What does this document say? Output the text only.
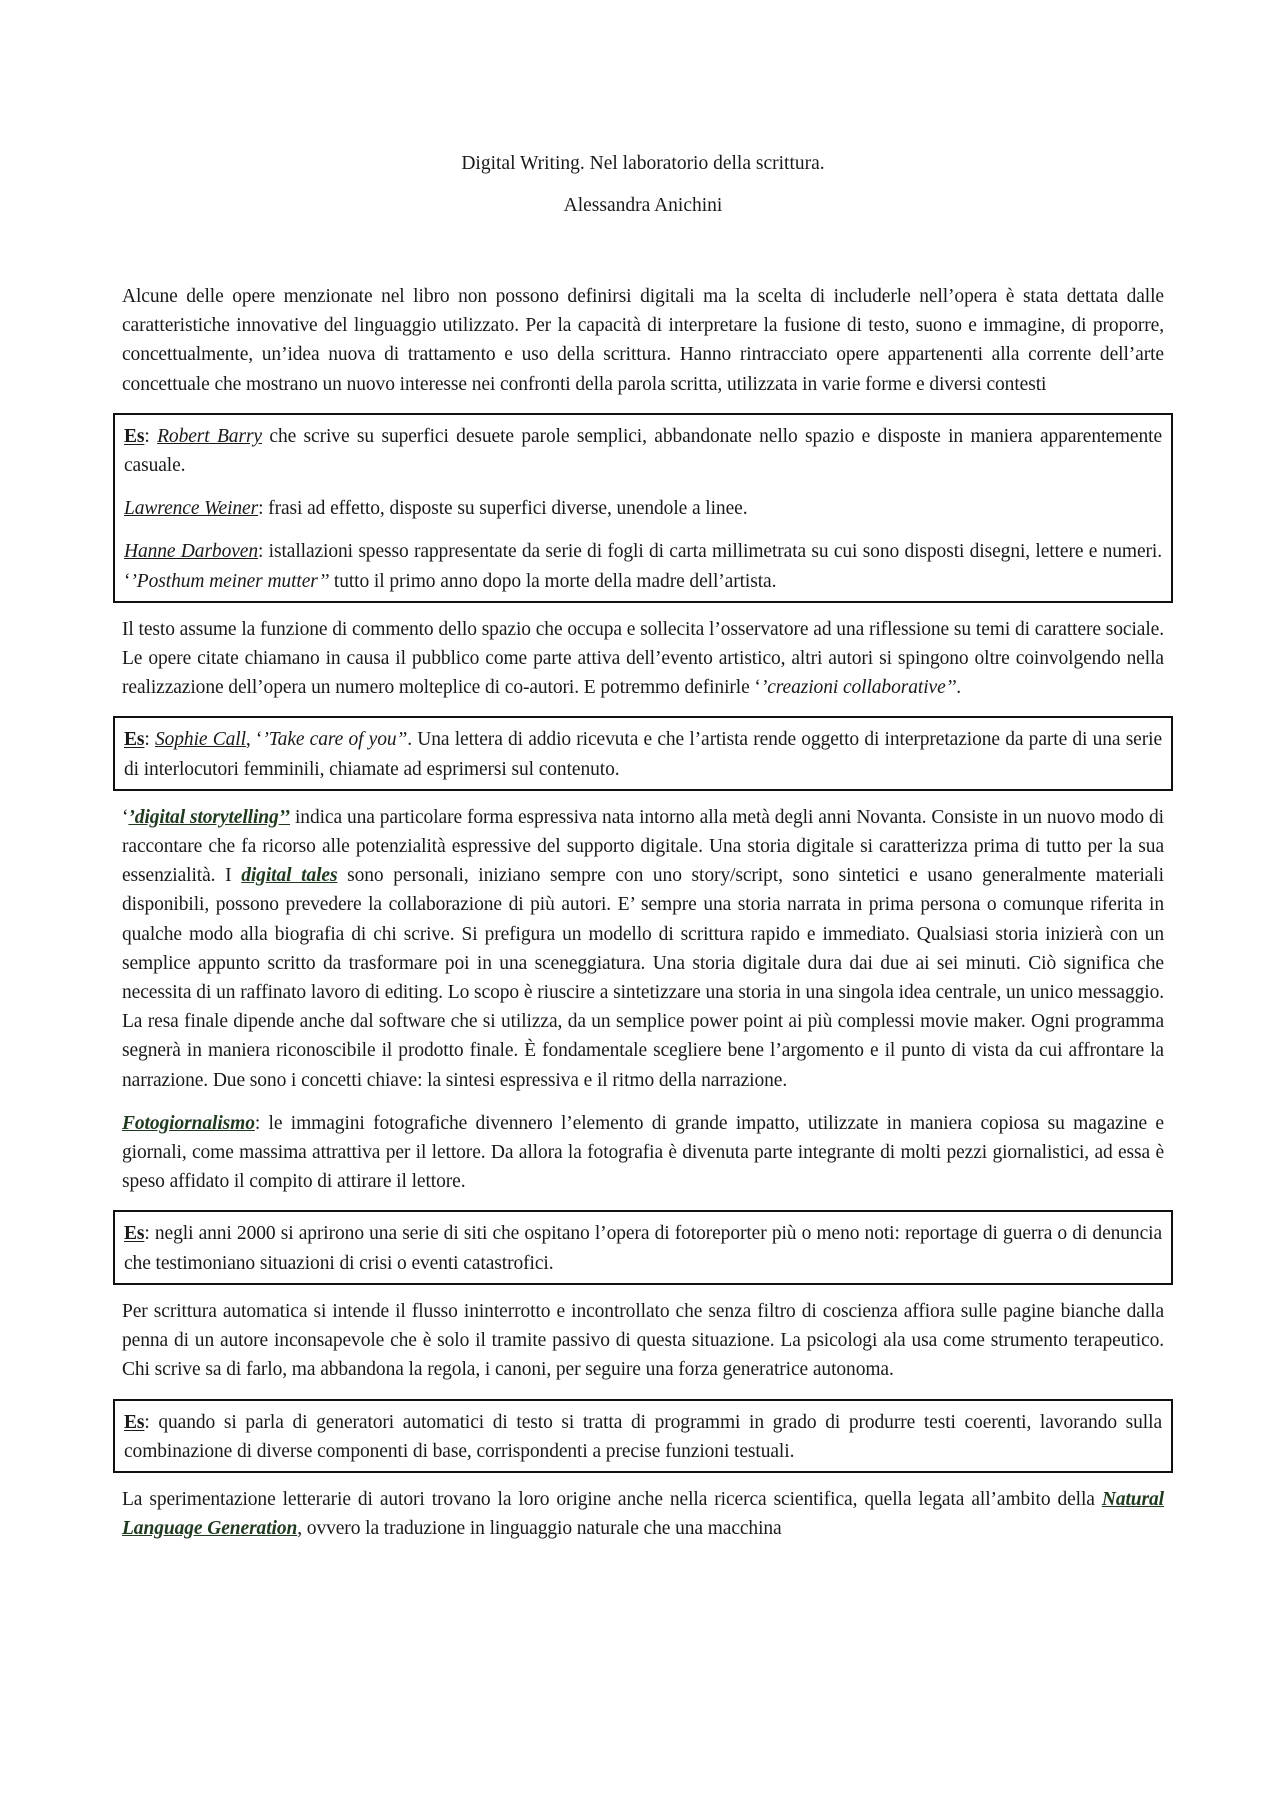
Digital Writing. Nel laboratorio della scrittura.
Alessandra Anichini

Alcune delle opere menzionate nel libro non possono definirsi digitali ma la scelta di includerle nell’opera è stata dettata dalle caratteristiche innovative del linguaggio utilizzato. Per la capacità di interpretare la fusione di testo, suono e immagine, di proporre, concettualmente, un’idea nuova di trattamento e uso della scrittura. Hanno rintracciato opere appartenenti alla corrente dell’arte concettuale che mostrano un nuovo interesse nei confronti della parola scritta, utilizzata in varie forme e diversi contesti

Es: Robert Barry che scrive su superfici desuete parole semplici, abbandonate nello spazio e disposte in maniera apparentemente casuale.

Lawrence Weiner: frasi ad effetto, disposte su superfici diverse, unendole a linee.

Hanne Darboven: istallazioni spesso rappresentate da serie di fogli di carta millimetrata su cui sono disposti disegni, lettere e numeri. ‘’Posthum meiner mutter’’ tutto il primo anno dopo la morte della madre dell’artista.

Il testo assume la funzione di commento dello spazio che occupa e sollecita l’osservatore ad una riflessione su temi di carattere sociale. Le opere citate chiamano in causa il pubblico come parte attiva dell’evento artistico, altri autori si spingono oltre coinvolgendo nella realizzazione dell’opera un numero molteplice di co-autori. E potremmo definirle ‘’creazioni collaborative’’.

Es: Sophie Call, ‘’Take care of you”. Una lettera di addio ricevuta e che l’artista rende oggetto di interpretazione da parte di una serie di interlocutori femminili, chiamate ad esprimersi sul contenuto.

‘’digital storytelling’’ indica una particolare forma espressiva nata intorno alla metà degli anni Novanta. Consiste in un nuovo modo di raccontare che fa ricorso alle potenzialità espressive del supporto digitale. Una storia digitale si caratterizza prima di tutto per la sua essenzialità. I digital tales sono personali, iniziano sempre con uno story/script, sono sintetici e usano generalmente materiali disponibili, possono prevedere la collaborazione di più autori. E’ sempre una storia narrata in prima persona o comunque riferita in qualche modo alla biografia di chi scrive. Si prefigura un modello di scrittura rapido e immediato. Qualsiasi storia inizierà con un semplice appunto scritto da trasformare poi in una sceneggiatura. Una storia digitale dura dai due ai sei minuti. Ciò significa che necessita di un raffinato lavoro di editing. Lo scopo è riuscire a sintetizzare una storia in una singola idea centrale, un unico messaggio. La resa finale dipende anche dal software che si utilizza, da un semplice power point ai più complessi movie maker. Ogni programma segnerà in maniera riconoscibile il prodotto finale. È fondamentale scegliere bene l’argomento e il punto di vista da cui affrontare la narrazione. Due sono i concetti chiave: la sintesi espressiva e il ritmo della narrazione.

Fotogiornalismo: le immagini fotografiche divennero l’elemento di grande impatto, utilizzate in maniera copiosa su magazine e giornali, come massima attrattiva per il lettore. Da allora la fotografia è divenuta parte integrante di molti pezzi giornalistici, ad essa è speso affidato il compito di attirare il lettore.

Es: negli anni 2000 si aprirono una serie di siti che ospitano l’opera di fotoreporter più o meno noti: reportage di guerra o di denuncia che testimoniano situazioni di crisi o eventi catastrofici.

Per scrittura automatica si intende il flusso ininterrotto e incontrollato che senza filtro di coscienza affiora sulle pagine bianche dalla penna di un autore inconsapevole che è solo il tramite passivo di questa situazione. La psicologi ala usa come strumento terapeutico. Chi scrive sa di farlo, ma abbandona la regola, i canoni, per seguire una forza generatrice autonoma.

Es: quando si parla di generatori automatici di testo si tratta di programmi in grado di produrre testi coerenti, lavorando sulla combinazione di diverse componenti di base, corrispondenti a precise funzioni testuali.

La sperimentazione letterarie di autori trovano la loro origine anche nella ricerca scientifica, quella legata all’ambito della Natural Language Generation, ovvero la traduzione in linguaggio naturale che una macchina
